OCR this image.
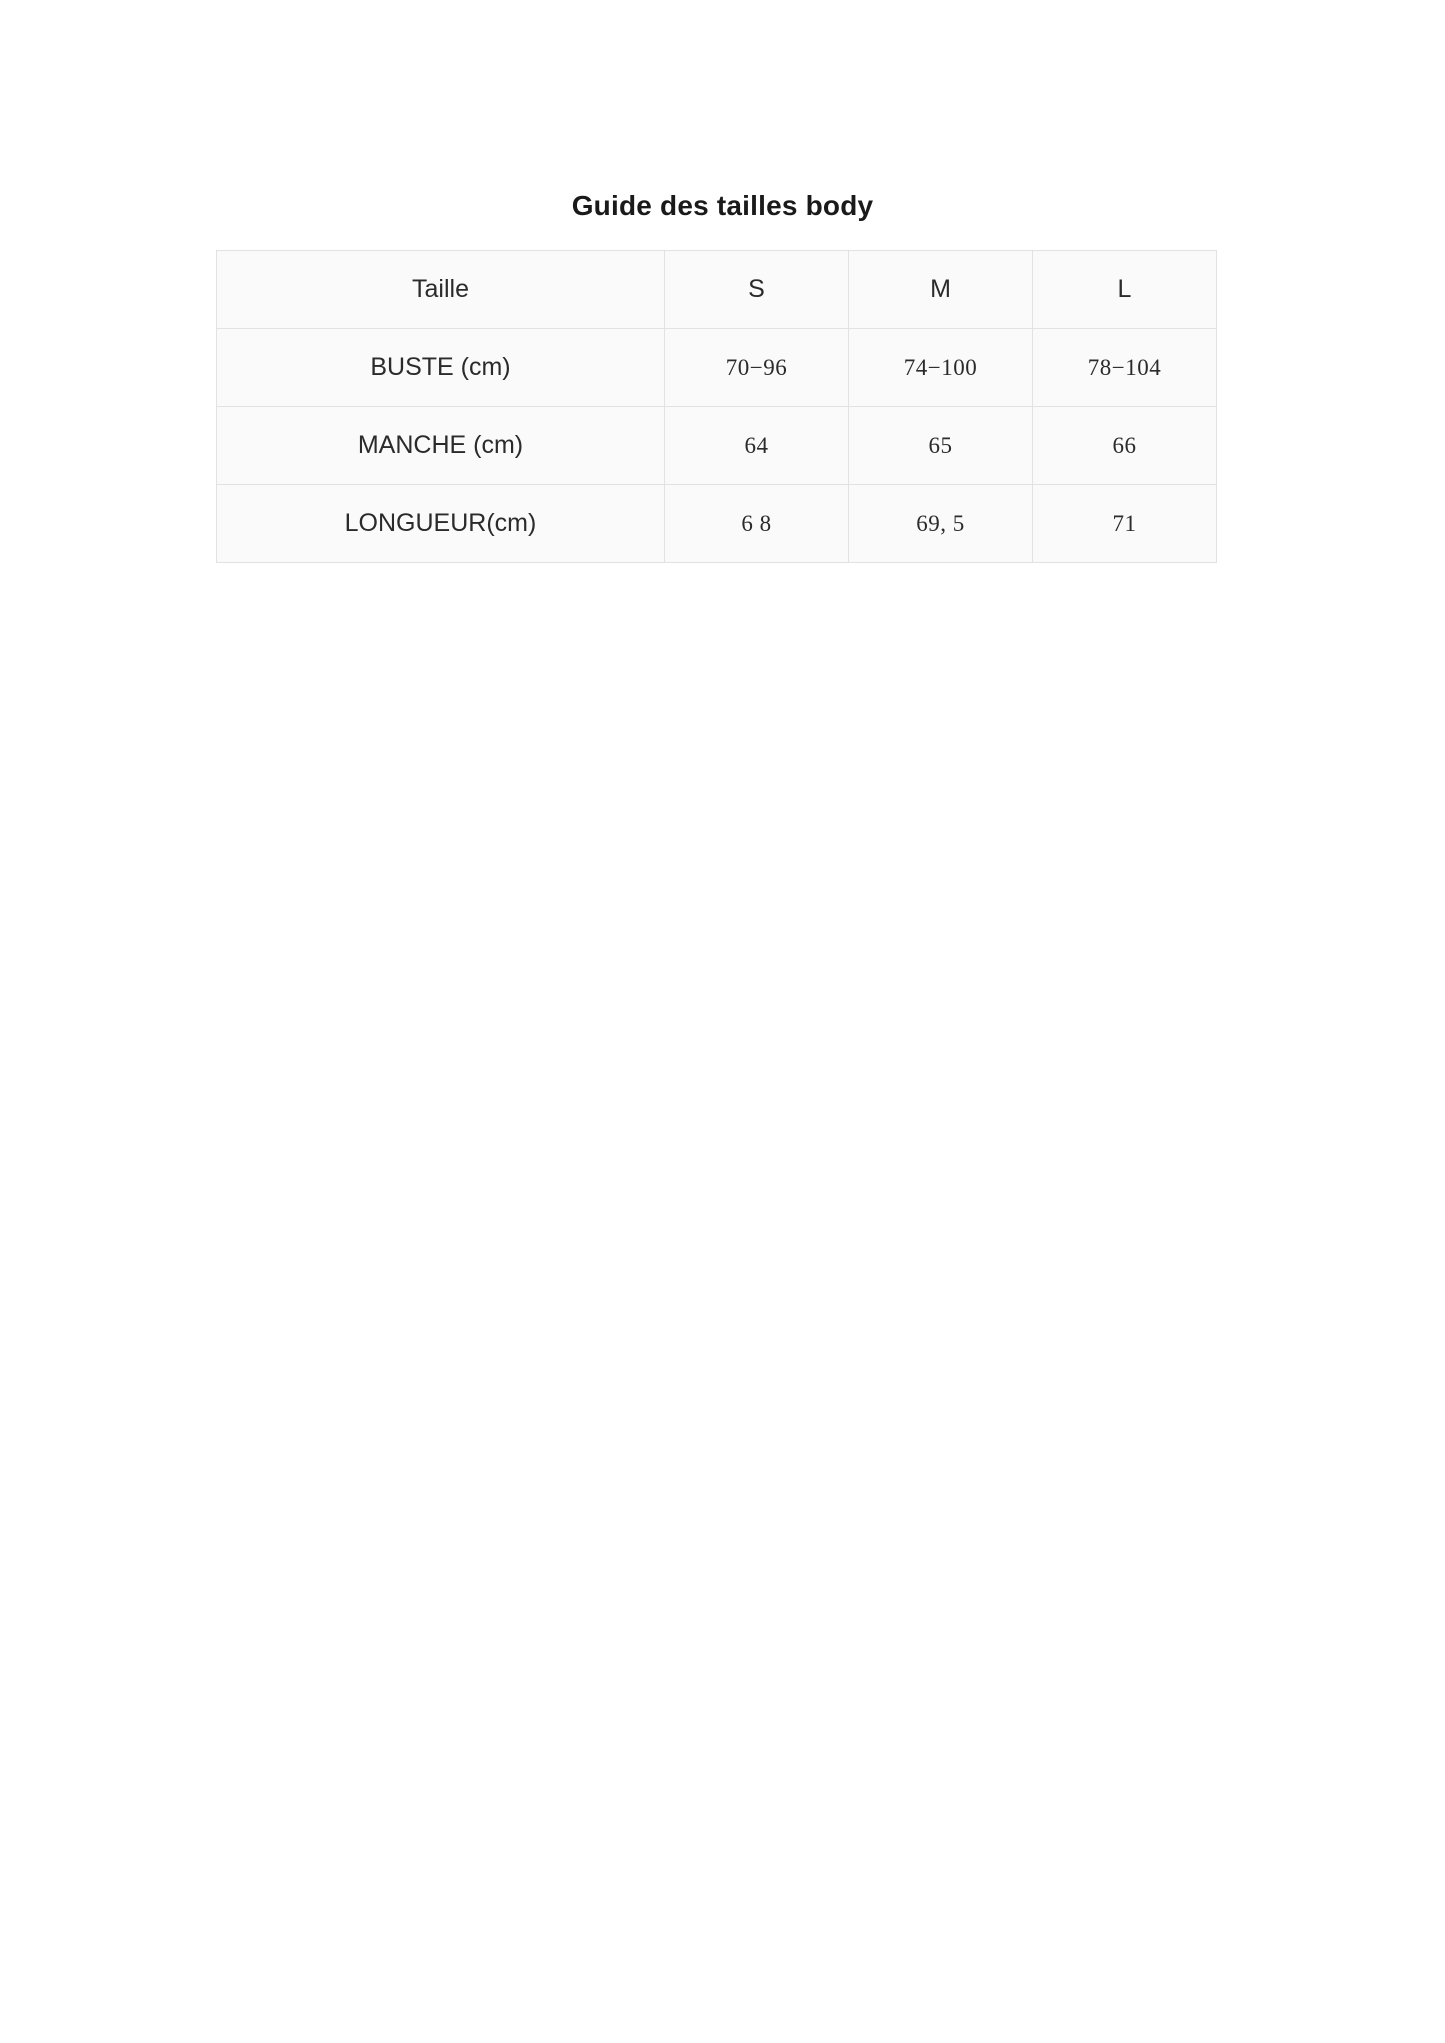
Guide des tailles body
Taille	S	M	L
BUSTE (cm)	70−96	74−100	78−104
MANCHE (cm)	64	65	66
LONGUEUR(cm)	6 8	69, 5	71
